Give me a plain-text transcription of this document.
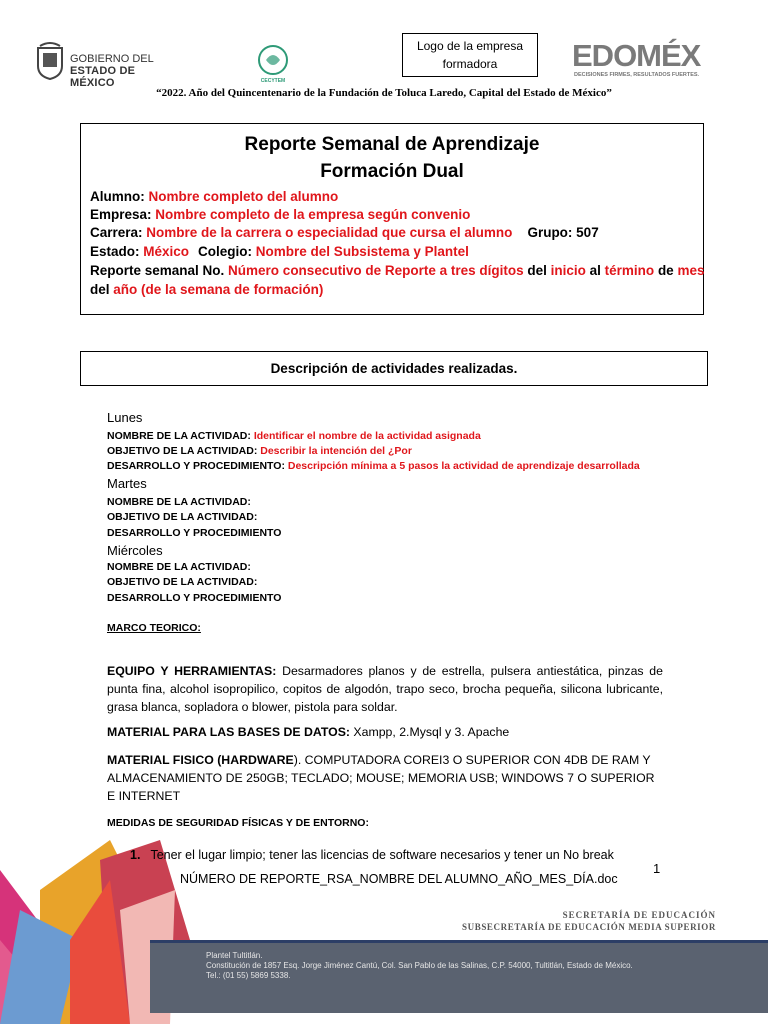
GOBIERNO DEL
ESTADO DE MÉXICO	CECYTEM
Logo de la empresa
formadora	EDOMÉX
DECISIONES FIRMES, RESULTADOS FUERTES.
“2022. Año del Quincentenario de la Fundación de Toluca Laredo, Capital del Estado de México”
Reporte Semanal de Aprendizaje
Formación Dual
Alumno: Nombre completo del alumno
Empresa: Nombre completo de la empresa según convenio
Carrera: Nombre de la carrera o especialidad que cursa el alumno Grupo: 507
Estado: México Colegio: Nombre del Subsistema y Plantel
Reporte semanal No. Número consecutivo de Reporte a tres dígitos del inicio al término de mes
del año (de la semana de formación)
Descripción de actividades realizadas.
Lunes
NOMBRE DE LA ACTIVIDAD: Identificar el nombre de la actividad asignada
OBJETIVO DE LA ACTIVIDAD: Describir la intención del ¿Por
DESARROLLO Y PROCEDIMIENTO: Descripción mínima a 5 pasos la actividad de aprendizaje desarrollada
Martes
NOMBRE DE LA ACTIVIDAD:
OBJETIVO DE LA ACTIVIDAD:
DESARROLLO Y PROCEDIMIENTO
Miércoles
NOMBRE DE LA ACTIVIDAD:
OBJETIVO DE LA ACTIVIDAD:
DESARROLLO Y PROCEDIMIENTO
MARCO TEORICO:
EQUIPO Y HERRAMIENTAS: Desarmadores planos y de estrella, pulsera antiestática, pinzas de punta fina, alcohol isopropilico, copitos de algodón, trapo seco, brocha pequeña, silicona lubricante, grasa blanca, sopladora o blower, pistola para soldar.
MATERIAL PARA LAS BASES DE DATOS: Xampp, 2.Mysql y 3. Apache
MATERIAL FISICO (HARDWARE). COMPUTADORA COREI3 O SUPERIOR CON 4DB DE RAM Y ALMACENAMIENTO DE 250GB; TECLADO; MOUSE; MEMORIA USB; WINDOWS 7 O SUPERIOR E INTERNET
MEDIDAS DE SEGURIDAD FÍSICAS Y DE ENTORNO:
1. Tener el lugar limpio; tener las licencias de software necesarios y tener un No break
NÚMERO DE REPORTE_RSA_NOMBRE DEL ALUMNO_AÑO_MES_DÍA.doc
1
SECRETARÍA DE EDUCACIÓN
SUBSECRETARÍA DE EDUCACIÓN MEDIA SUPERIOR
Plantel Tultitlán.
Constitución de 1857 Esq. Jorge Jiménez Cantú, Col. San Pablo de las Salinas, C.P. 54000, Tultitlán, Estado de México.
Tel.: (01 55) 5869 5338.
